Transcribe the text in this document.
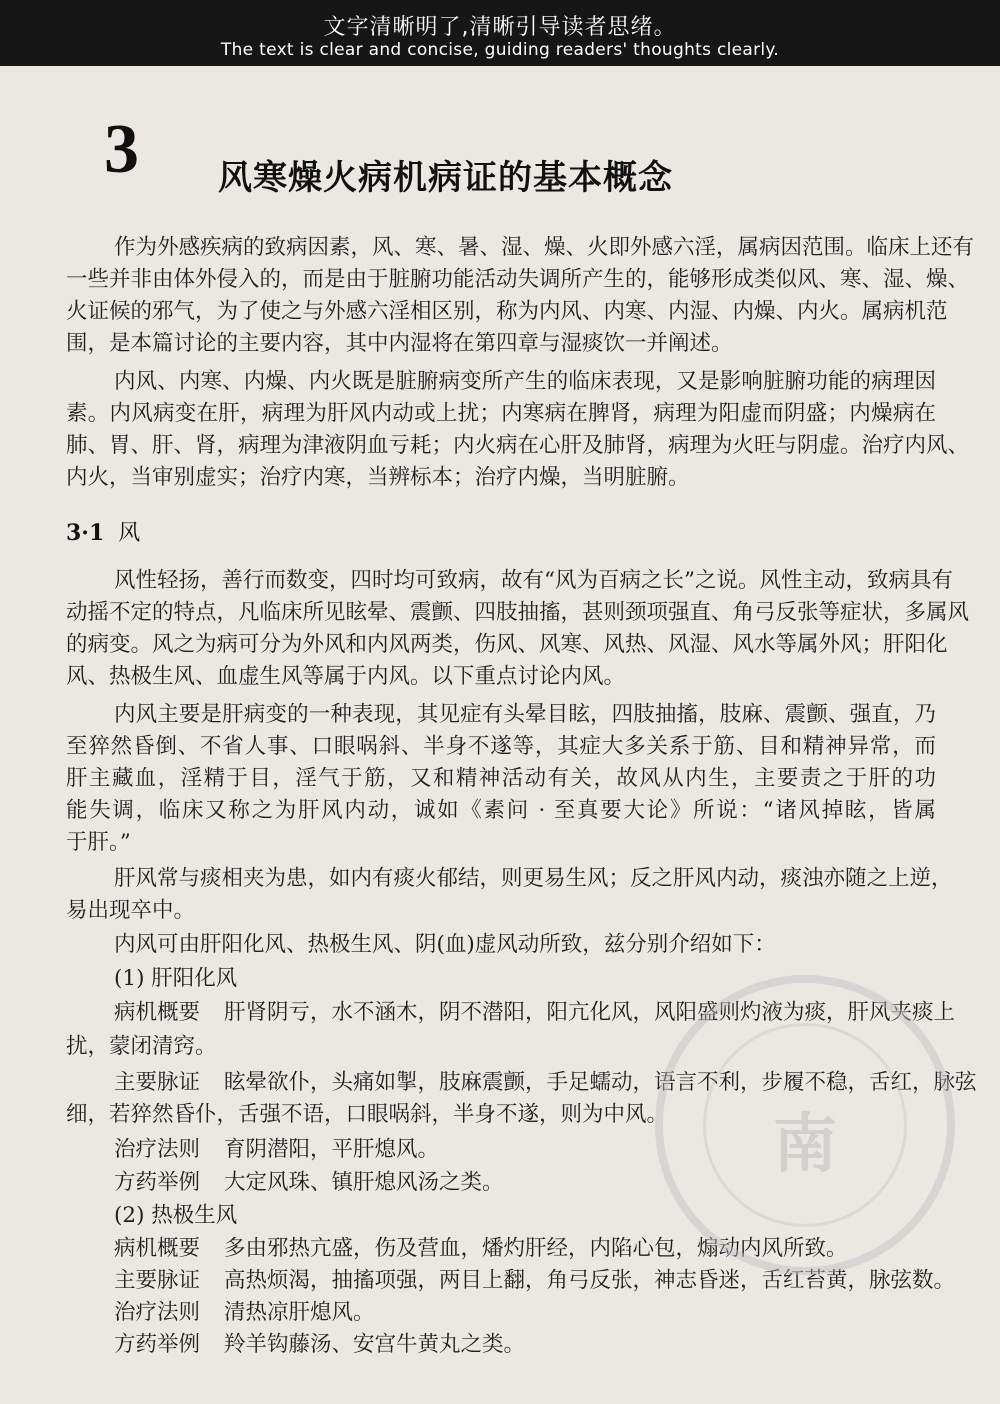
文字清晰明了,清晰引导读者思绪。
The text is clear and concise, guiding readers' thoughts clearly.
3 风寒燥火病机病证的基本概念
作为外感疾病的致病因素，风、寒、暑、湿、燥、火即外感六淫，属病因范围。临床上还有
一些并非由体外侵入的，而是由于脏腑功能活动失调所产生的，能够形成类似风、寒、湿、燥、
火证候的邪气，为了使之与外感六淫相区别，称为内风、内寒、内湿、内燥、内火。属病机范
围，是本篇讨论的主要内容，其中内湿将在第四章与湿痰饮一并阐述。
内风、内寒、内燥、内火既是脏腑病变所产生的临床表现，又是影响脏腑功能的病理因
素。内风病变在肝，病理为肝风内动或上扰；内寒病在脾肾，病理为阳虚而阴盛；内燥病在
肺、胃、肝、肾，病理为津液阴血亏耗；内火病在心肝及肺肾，病理为火旺与阴虚。治疗内风、
内火，当审别虚实；治疗内寒，当辨标本；治疗内燥，当明脏腑。
3·1 风
风性轻扬，善行而数变，四时均可致病，故有“风为百病之长”之说。风性主动，致病具有
动摇不定的特点，凡临床所见眩晕、震颤、四肢抽搐，甚则颈项强直、角弓反张等症状，多属风
的病变。风之为病可分为外风和内风两类，伤风、风寒、风热、风湿、风水等属外风；肝阳化
风、热极生风、血虚生风等属于内风。以下重点讨论内风。
内风主要是肝病变的一种表现，其见症有头晕目眩，四肢抽搐，肢麻、震颤、强直，乃
至猝然昏倒、不省人事、口眼㖞斜、半身不遂等，其症大多关系于筋、目和精神异常，而
肝主藏血，淫精于目，淫气于筋，又和精神活动有关，故风从内生，主要责之于肝的功
能失调，临床又称之为肝风内动，诚如《素问 · 至真要大论》所说：“诸风掉眩，皆属
于肝。”
肝风常与痰相夹为患，如内有痰火郁结，则更易生风；反之肝风内动，痰浊亦随之上逆，
易出现卒中。
内风可由肝阳化风、热极生风、阴(血)虚风动所致，兹分别介绍如下：
(1) 肝阳化风
病机概要 肝肾阴亏，水不涵木，阴不潜阳，阳亢化风，风阳盛则灼液为痰，肝风夹痰上
扰，蒙闭清窍。
主要脉证 眩晕欲仆，头痛如掣，肢麻震颤，手足蠕动，语言不利，步履不稳，舌红，脉弦
细，若猝然昏仆，舌强不语，口眼㖞斜，半身不遂，则为中风。
治疗法则 育阴潜阳，平肝熄风。
方药举例 大定风珠、镇肝熄风汤之类。
(2) 热极生风
病机概要 多由邪热亢盛，伤及营血，燔灼肝经，内陷心包，煽动内风所致。
主要脉证 高热烦渴，抽搐项强，两目上翻，角弓反张，神志昏迷，舌红苔黄，脉弦数。
治疗法则 清热凉肝熄风。
方药举例 羚羊钩藤汤、安宫牛黄丸之类。
南
